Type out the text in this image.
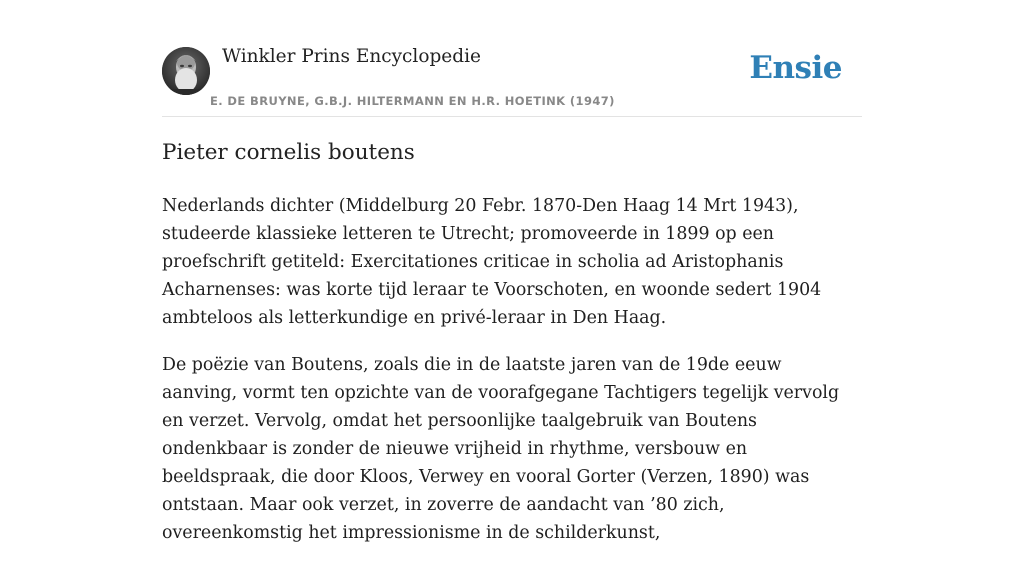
Winkler Prins Encyclopedie
E. DE BRUYNE, G.B.J. HILTERMANN EN H.R. HOETINK (1947)
Ensie
Pieter cornelis boutens

Nederlands dichter (Middelburg 20 Febr. 1870-Den Haag 14 Mrt 1943), studeerde klassieke letteren te Utrecht; promoveerde in 1899 op een proefschrift getiteld: Exercitationes criticae in scholia ad Aristophanis Acharnenses: was korte tijd leraar te Voorschoten, en woonde sedert 1904 ambteloos als letterkundige en privé-leraar in Den Haag.

De poëzie van Boutens, zoals die in de laatste jaren van de 19de eeuw aanving, vormt ten opzichte van de voorafgegane Tachtigers tegelijk vervolg en verzet. Vervolg, omdat het persoonlijke taalgebruik van Boutens ondenkbaar is zonder de nieuwe vrijheid in rhythme, versbouw en beeldspraak, die door Kloos, Verwey en vooral Gorter (Verzen, 1890) was ontstaan. Maar ook verzet, in zoverre de aandacht van ’80 zich, overeenkomstig het impressionisme in de schilderkunst,
